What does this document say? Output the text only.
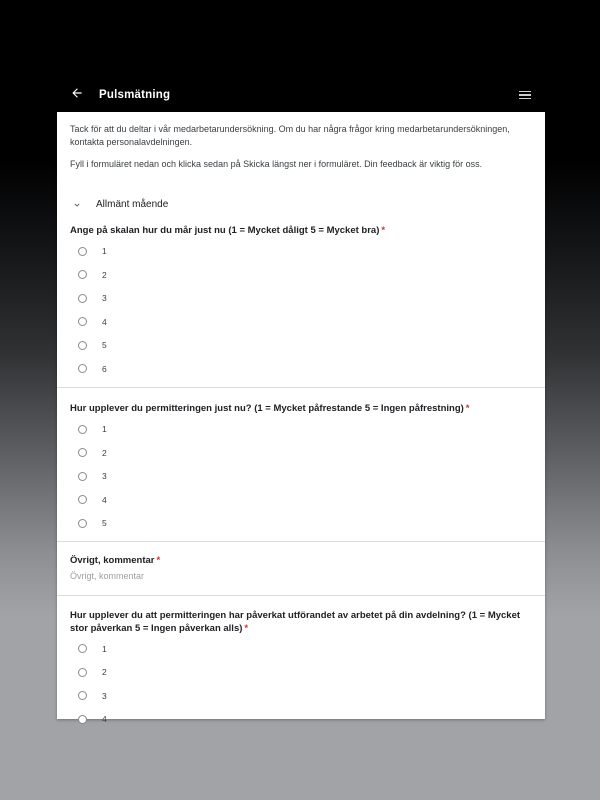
Pulsmätning

Tack för att du deltar i vår medarbetarundersökning. Om du har några frågor kring medarbetarundersökningen, kontakta personalavdelningen.

Fyll i formuläret nedan och klicka sedan på Skicka längst ner i formuläret. Din feedback är viktig för oss.

Allmänt mående
Ange på skalan hur du mår just nu (1 = Mycket dåligt 5 = Mycket bra) *
1
2
3
4
5
6
Hur upplever du permitteringen just nu? (1 = Mycket påfrestande 5 = Ingen påfrestning) *
1
2
3
4
5
Övrigt, kommentar *
Övrigt, kommentar
Hur upplever du att permitteringen har påverkat utförandet av arbetet på din avdelning? (1 = Mycket stor påverkan 5 = Ingen påverkan alls) *
1
2
3
4
